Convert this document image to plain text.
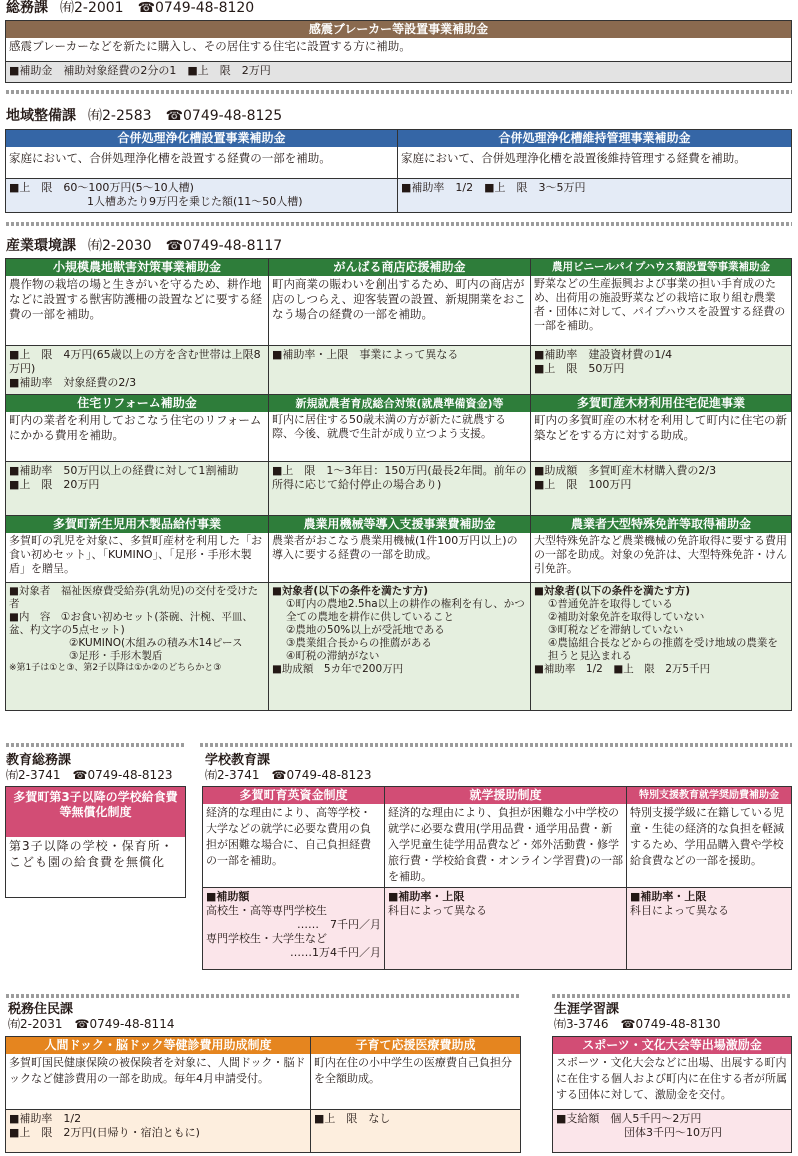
総務課 ㈲2-2001　☎0749-48-8120
感震ブレーカー等設置事業補助金
感震ブレーカーなどを新たに購入し、その居住する住宅に設置する方に補助。
■補助金　補助対象経費の2分の1　■上　限　2万円
地域整備課 ㈲2-2583　☎0749-48-8125
合併処理浄化槽設置事業補助金
家庭において、合併処理浄化槽を設置する経費の一部を補助。
■上　限　60～100万円(5～10人槽)
1人槽あたり9万円を乗じた額(11～50人槽)
合併処理浄化槽維持管理事業補助金
家庭において、合併処理浄化槽を設置後維持管理する経費を補助。
■補助率　1/2　■上　限　3～5万円
産業環境課 ㈲2-2030　☎0749-48-8117
小規模農地獣害対策事業補助金
農作物の栽培の場と生きがいを守るため、耕作地などに設置する獣害防護柵の設置などに要する経費の一部を補助。
■上　限　4万円(65歳以上の方を含む世帯は上限8万円)
■補助率　対象経費の2/3
がんばる商店応援補助金
町内商業の賑わいを創出するため、町内の商店が店のしつらえ、迎客装置の設置、新規開業をおこなう場合の経費の一部を補助。
■補助率・上限　事業によって異なる
農用ビニールパイプハウス類設置等事業補助金
野菜などの生産振興および事業の担い手育成のため、出荷用の施設野菜などの栽培に取り組む農業者・団体に対して、パイプハウスを設置する経費の一部を補助。
■補助率　建設資材費の1/4
■上　限　50万円
住宅リフォーム補助金
町内の業者を利用しておこなう住宅のリフォームにかかる費用を補助。
■補助率　50万円以上の経費に対して1割補助
■上　限　20万円
新規就農者育成総合対策(就農準備資金)等
町内に居住する50歳未満の方が新たに就農する際、今後、就農で生計が成り立つよう支援。
■上　限　1～3年目：150万円(最長2年間。前年の所得に応じて給付停止の場合あり)
多賀町産木材利用住宅促進事業
町内の多賀町産の木材を利用して町内に住宅の新築などをする方に対する助成。
■助成額　多賀町産木材購入費の2/3
■上　限　100万円
多賀町新生児用木製品給付事業
多賀町の乳児を対象に、多賀町産材を利用した「お食い初めセット」、「KUMINO」、「足形・手形木製盾」を贈呈。
■対象者　福祉医療費受給券(乳幼児)の交付を受けた者
■内　容　①お食い初めセット(茶碗、汁椀、平皿、盆、杓文字の5点セット)
②KUMINO(木組みの積み木14ピース
③足形・手形木製盾
※第1子は①と③、第2子以降は①か②のどちらかと③
農業用機械等導入支援事業費補助金
農業者がおこなう農業用機械(1件100万円以上)の導入に要する経費の一部を助成。
■対象者(以下の条件を満たす方)
①町内の農地2.5ha以上の耕作の権利を有し、かつ全ての農地を耕作に供していること
②農地の50%以上が受託地である
③農業組合長からの推薦がある
④町税の滞納がない
■助成額　5カ年で200万円
農業者大型特殊免許等取得補助金
大型特殊免許など農業機械の免許取得に要する費用の一部を助成。対象の免許は、大型特殊免許・けん引免許。
■対象者(以下の条件を満たす方)
①普通免許を取得している
②補助対象免許を取得していない
③町税などを滞納していない
④農協組合長などからの推薦を受け地域の農業を担うと見込まれる
■補助率　1/2　■上　限　2万5千円
教育総務課
㈲2-3741　☎0749-48-8123
多賀町第3子以降の学校給食費等無償化制度
第3子以降の学校・保育所・こども園の給食費を無償化
学校教育課
㈲2-3741　☎0749-48-8123
多賀町育英資金制度
経済的な理由により、高等学校・大学などの就学に必要な費用の負担が困難な場合に、自己負担経費の一部を補助。
■補助額
高校生・高等専門学校生
……　7千円／月
専門学校生・大学生など
……1万4千円／月
就学援助制度
経済的な理由により、負担が困難な小中学校の就学に必要な費用(学用品費・通学用品費・新入学児童生徒学用品費など・郊外活動費・修学旅行費・学校給食費・オンライン学習費)の一部を補助。
■補助率・上限
科目によって異なる
特別支援教育就学奨励費補助金
特別支援学級に在籍している児童・生徒の経済的な負担を軽減するため、学用品購入費や学校給食費などの一部を援助。
■補助率・上限
科目によって異なる
税務住民課
㈲2-2031　☎0749-48-8114
人間ドック・脳ドック等健診費用助成制度
多賀町国民健康保険の被保険者を対象に、人間ドック・脳ドックなど健診費用の一部を助成。毎年4月申請受付。
■補助率　1/2
■上　限　2万円(日帰り・宿泊ともに)
子育て応援医療費助成
町内在住の小中学生の医療費自己負担分を全額助成。
■上　限　なし
生涯学習課
㈲3-3746　☎0749-48-8130
スポーツ・文化大会等出場激励金
スポーツ・文化大会などに出場、出展する町内に在住する個人および町内に在住する者が所属する団体に対して、激励金を交付。
■支給額　個人5千円～2万円
団体3千円～10万円
